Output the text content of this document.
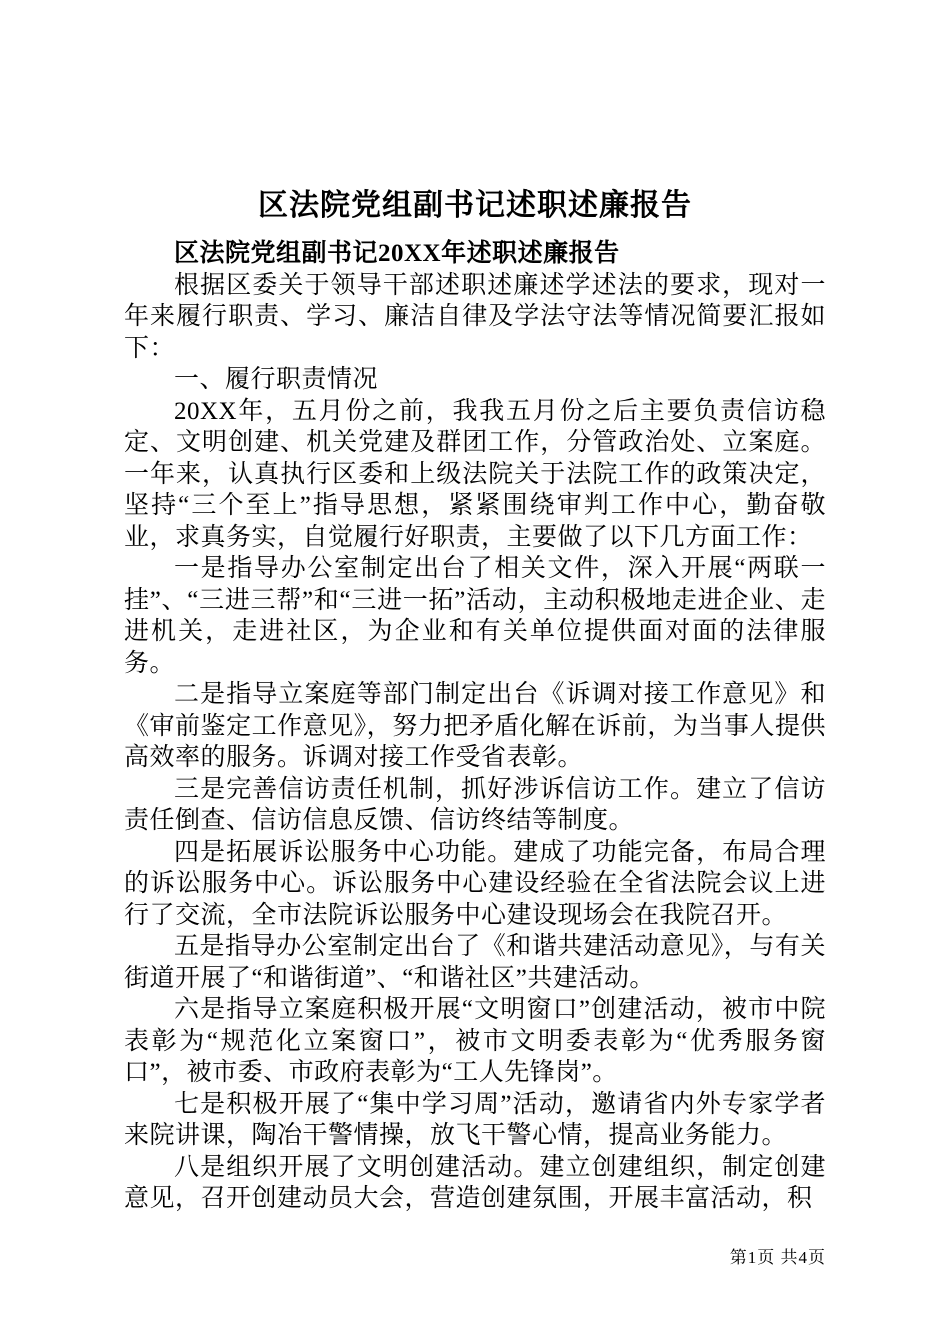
区法院党组副书记述职述廉报告

区法院党组副书记20XX年述职述廉报告

根据区委关于领导干部述职述廉述学述法的要求，现对一年来履行职责、学习、廉洁自律及学法守法等情况简要汇报如下：

一、履行职责情况

20XX年，五月份之前，我我五月份之后主要负责信访稳定、文明创建、机关党建及群团工作，分管政治处、立案庭。一年来，认真执行区委和上级法院关于法院工作的政策决定，坚持“三个至上”指导思想，紧紧围绕审判工作中心，勤奋敬业，求真务实，自觉履行好职责，主要做了以下几方面工作：

一是指导办公室制定出台了相关文件，深入开展“两联一挂”、“三进三帮”和“三进一拓”活动，主动积极地走进企业、走进机关，走进社区，为企业和有关单位提供面对面的法律服务。

二是指导立案庭等部门制定出台《诉调对接工作意见》和《审前鉴定工作意见》，努力把矛盾化解在诉前，为当事人提供高效率的服务。诉调对接工作受省表彰。

三是完善信访责任机制，抓好涉诉信访工作。建立了信访责任倒查、信访信息反馈、信访终结等制度。

四是拓展诉讼服务中心功能。建成了功能完备，布局合理的诉讼服务中心。诉讼服务中心建设经验在全省法院会议上进行了交流，全市法院诉讼服务中心建设现场会在我院召开。

五是指导办公室制定出台了《和谐共建活动意见》，与有关街道开展了“和谐街道”、“和谐社区”共建活动。

六是指导立案庭积极开展“文明窗口”创建活动，被市中院表彰为“规范化立案窗口”，被市文明委表彰为“优秀服务窗口”，被市委、市政府表彰为“工人先锋岗”。

七是积极开展了“集中学习周”活动，邀请省内外专家学者来院讲课，陶冶干警情操，放飞干警心情，提高业务能力。

八是组织开展了文明创建活动。建立创建组织，制定创建意见，召开创建动员大会，营造创建氛围，开展丰富活动，积

第1页 共4页
